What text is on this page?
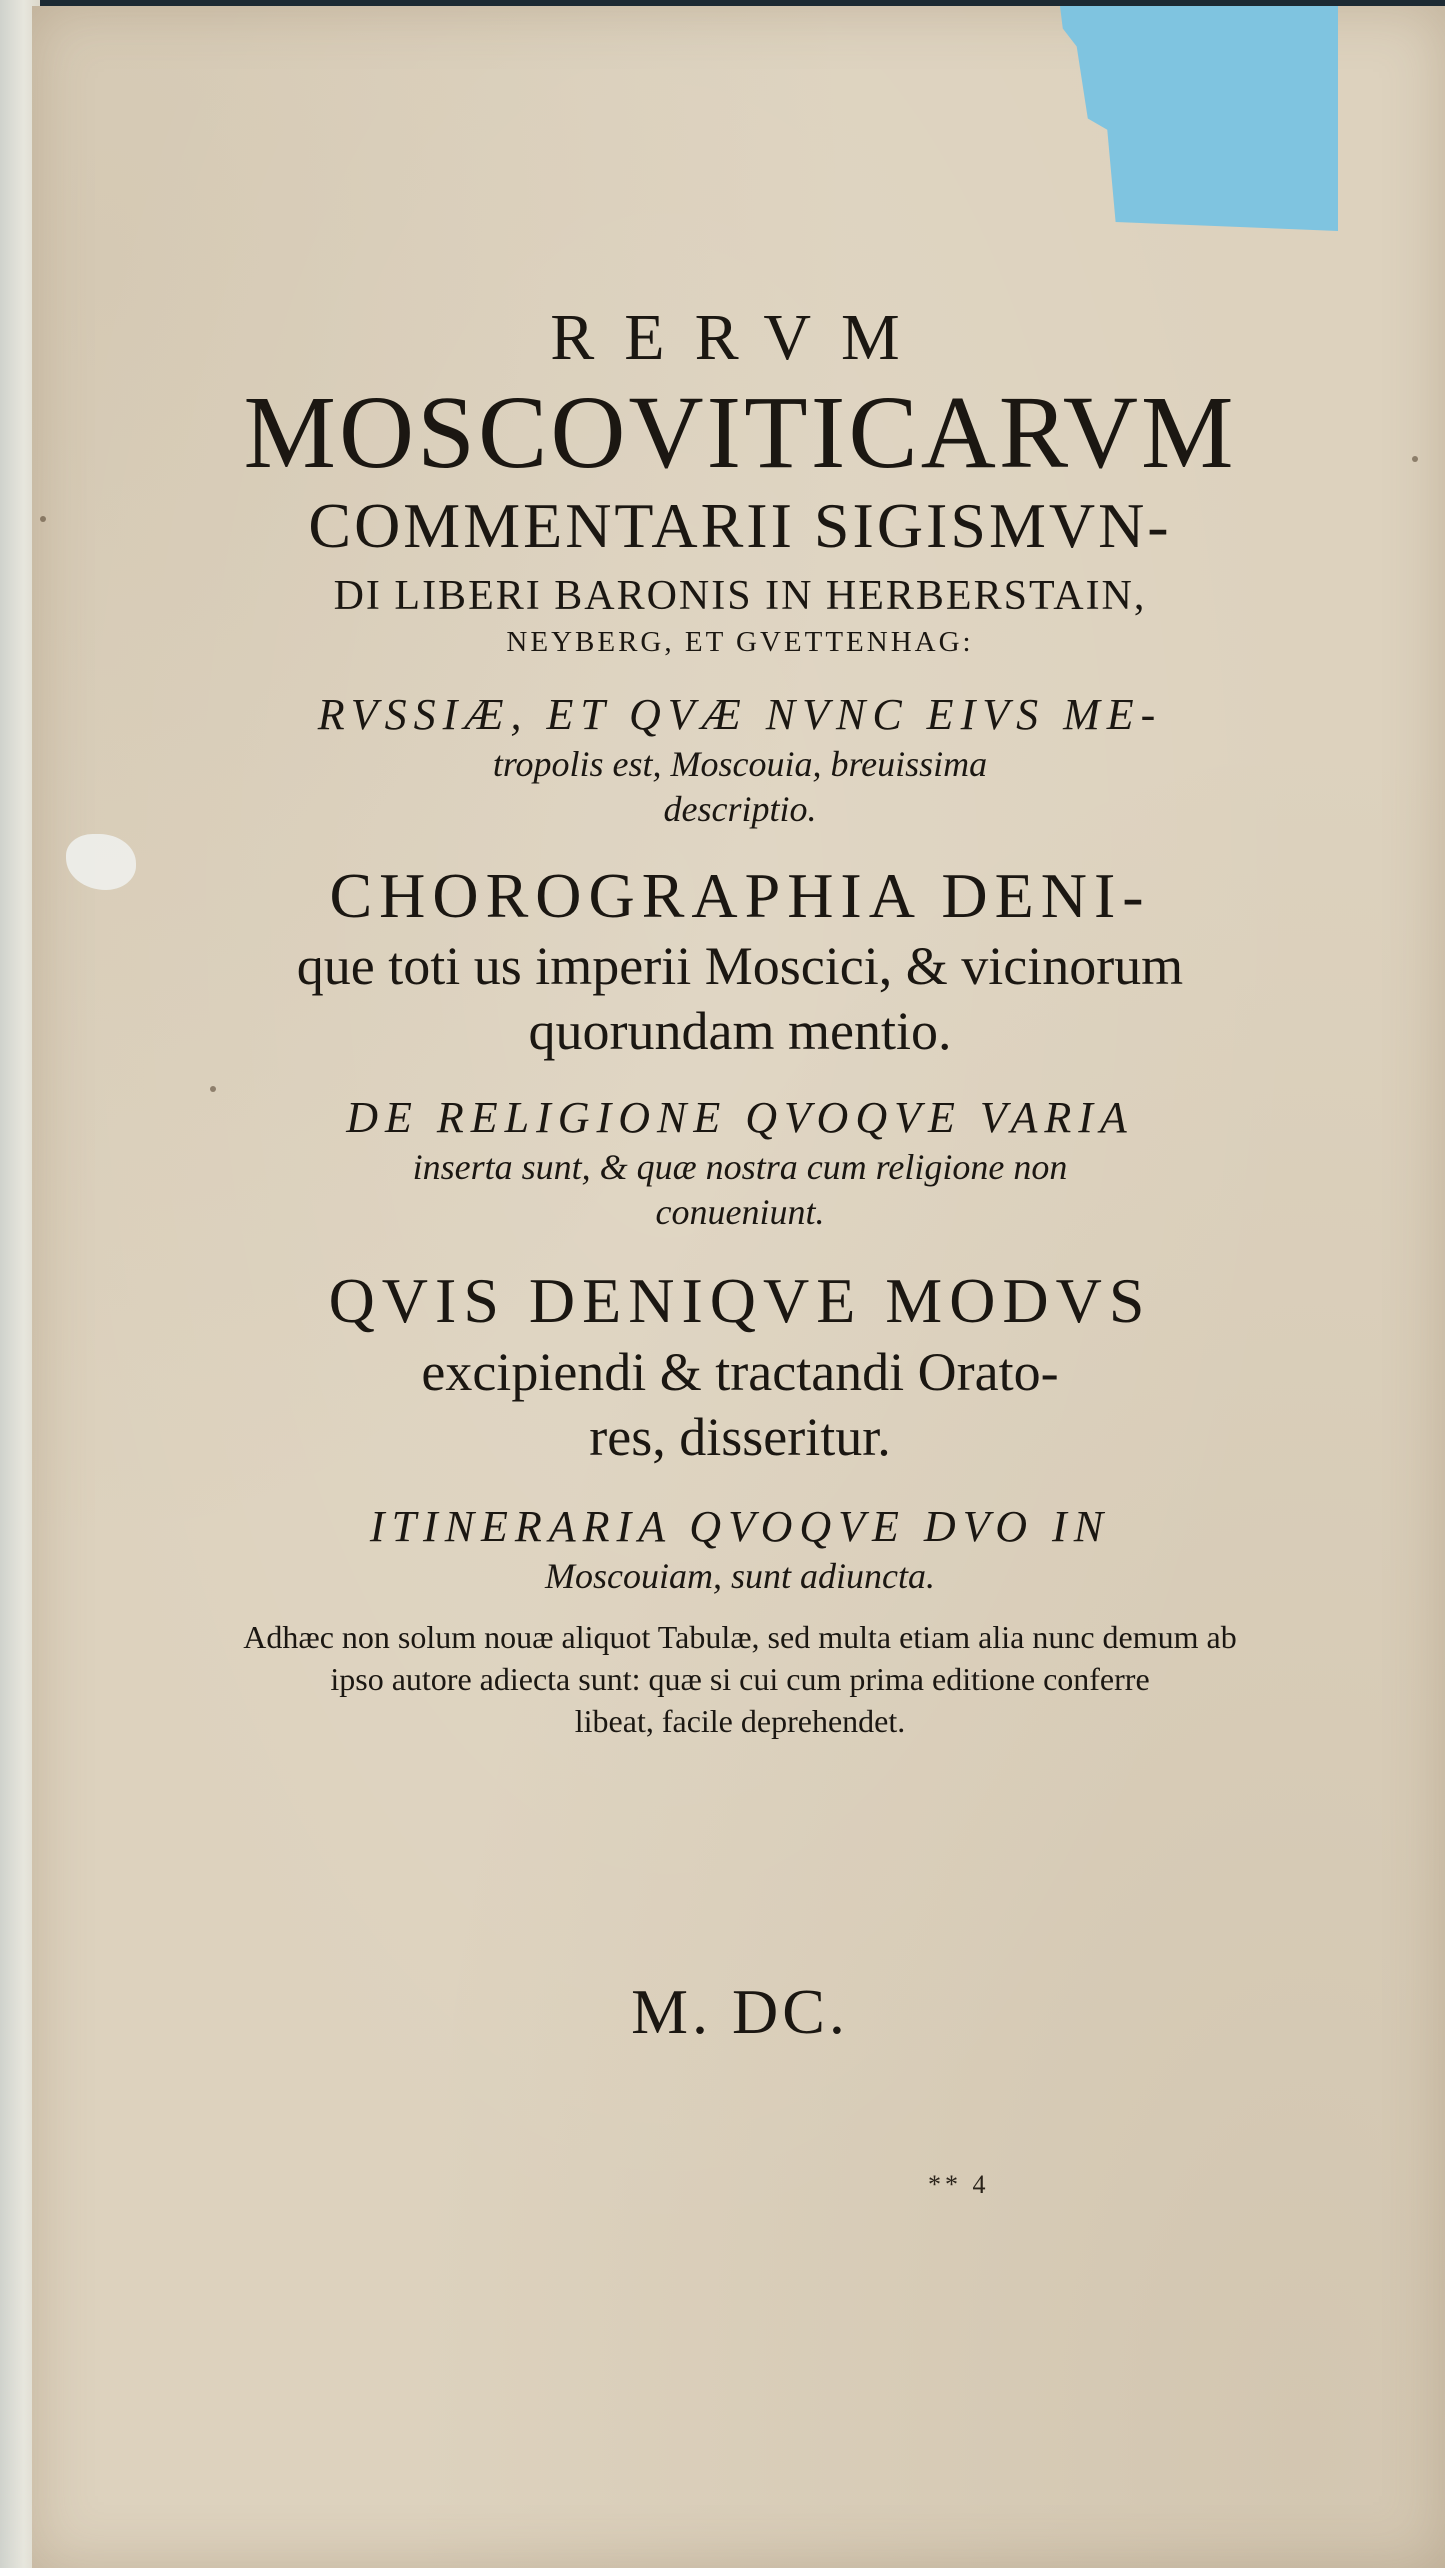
RERVM
MOSCOVITICARVM
COMMENTARII SIGISMVN-
DI LIBERI BARONIS IN HERBERSTAIN,
NEYBERG, ET GVETTENHAG:
RVSSIÆ, ET QVÆ NVNC EIVS ME-
tropolis est, Moscouia, breuissima
descriptio.
CHOROGRAPHIA DENI-
que toti us imperii Moscici, & vicinorum
quorundam mentio.
DE RELIGIONE QVOQVE VARIA
inserta sunt, & quæ nostra cum religione non
conueniunt.
QVIS DENIQVE MODVS
excipiendi & tractandi Orato-
res, disseritur.
ITINERARIA QVOQVE DVO IN
Moscouiam, sunt adiuncta.
Adhæc non solum nouæ aliquot Tabulæ, sed multa etiam alia nunc demum ab
ipso autore adiecta sunt: quæ si cui cum prima editione conferre
libeat, facile deprehendet.
M. DC.
** 4
